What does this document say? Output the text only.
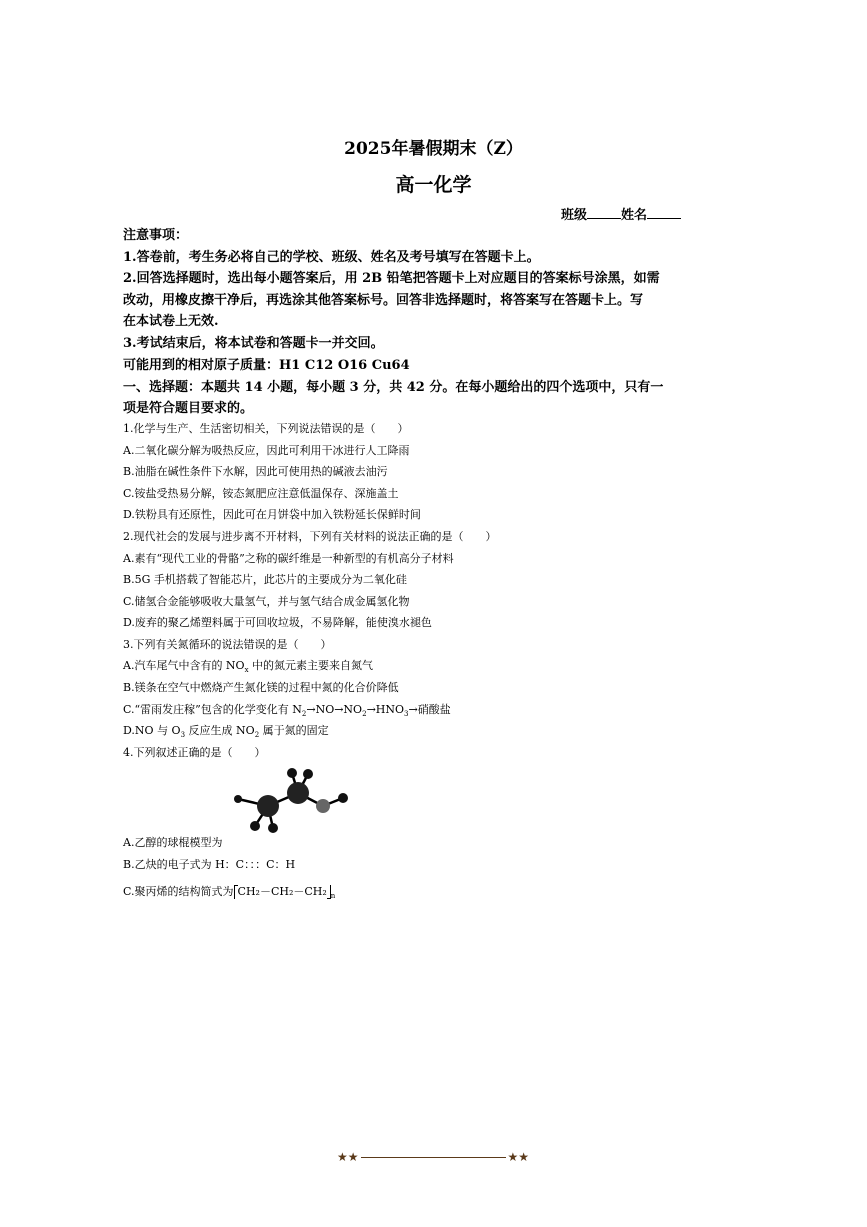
2025年暑假期末（Z）
高一化学
班级	姓名
注意事项：
1.答卷前，考生务必将自己的学校、班级、姓名及考号填写在答题卡上。
2.回答选择题时，选出每小题答案后，用 2B 铅笔把答题卡上对应题目的答案标号涂黑，如需
改动，用橡皮擦干净后，再选涂其他答案标号。回答非选择题时，将答案写在答题卡上。写
在本试卷上无效.
3.考试结束后，将本试卷和答题卡一并交回。
可能用到的相对原子质量：H1 C12 O16 Cu64
一、选择题：本题共 14 小题，每小题 3 分，共 42 分。在每小题给出的四个选项中，只有一
项是符合题目要求的。
1.化学与生产、生活密切相关，下列说法错误的是（　　）
A.二氧化碳分解为吸热反应，因此可利用干冰进行人工降雨
B.油脂在碱性条件下水解，因此可使用热的碱液去油污
C.铵盐受热易分解，铵态氮肥应注意低温保存、深施盖土
D.铁粉具有还原性，因此可在月饼袋中加入铁粉延长保鲜时间
2.现代社会的发展与进步离不开材料，下列有关材料的说法正确的是（　　）
A.素有“现代工业的骨骼”之称的碳纤维是一种新型的有机高分子材料
B.5G 手机搭载了智能芯片，此芯片的主要成分为二氧化硅
C.储氢合金能够吸收大量氢气，并与氢气结合成金属氢化物
D.废弃的聚乙烯塑料属于可回收垃圾，不易降解，能使溴水褪色
3.下列有关氮循环的说法错误的是（　　）
A.汽车尾气中含有的 $NO_x$ 中的氮元素主要来自氮气
B.镁条在空气中燃烧产生氮化镁的过程中氮的化合价降低
C.“雷雨发庄稼”包含的化学变化有 $N_2\to NO\to NO_2\to HNO_3\to$硝酸盐
D.NO 与 $O_3$ 反应生成 $NO_2$ 属于氮的固定
4.下列叙述正确的是（　　）
A.乙醇的球棍模型为
B.乙炔的电子式为 H：C：：：C：H
C.聚丙烯的结构简式为 CH₂－CH₂－CH₂ $_n$
★★	★★
